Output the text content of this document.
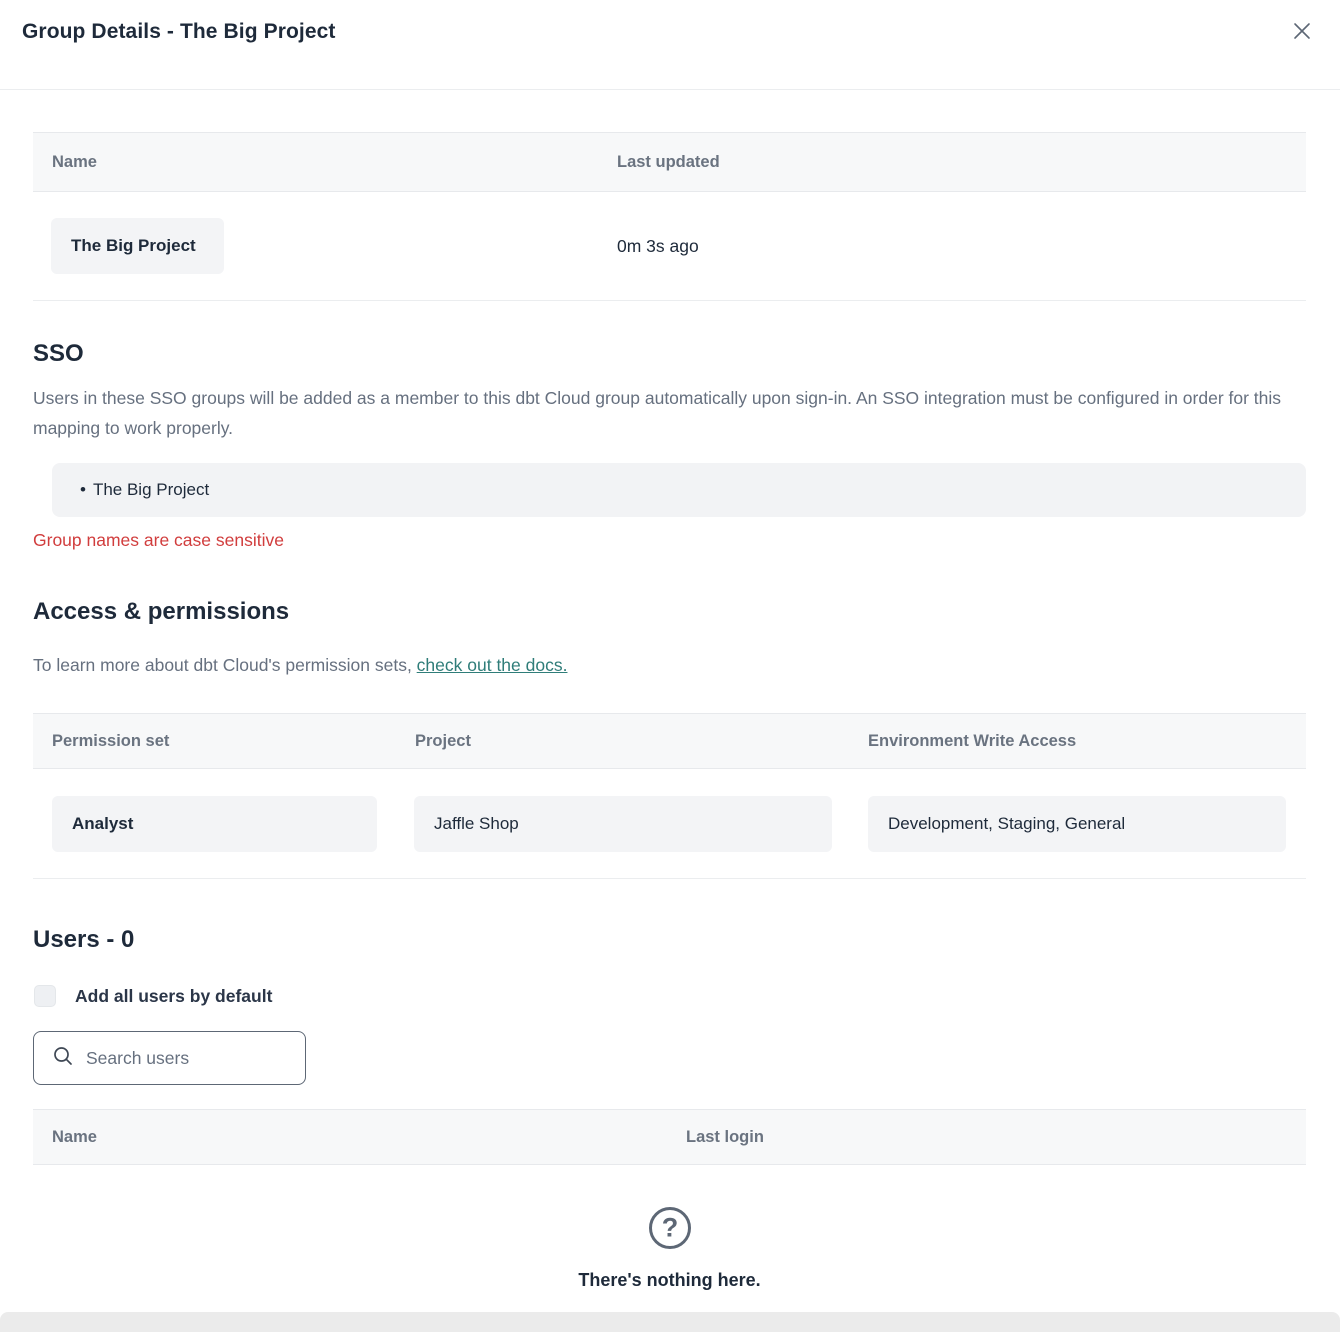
Group Details - The Big Project
Name	Last updated
The Big Project	0m 3s ago
SSO

Users in these SSO groups will be added as a member to this dbt Cloud group automatically upon sign-in. An SSO integration must be configured in order for this mapping to work properly.

• The Big Project
Group names are case sensitive
Access & permissions

To learn more about dbt Cloud's permission sets, check out the docs.

Permission set	Project	Environment Write Access
Analyst	Jaffle Shop	Development, Staging, General
Users - 0
Add all users by default
Search users
Name	Last login
?
There's nothing here.
